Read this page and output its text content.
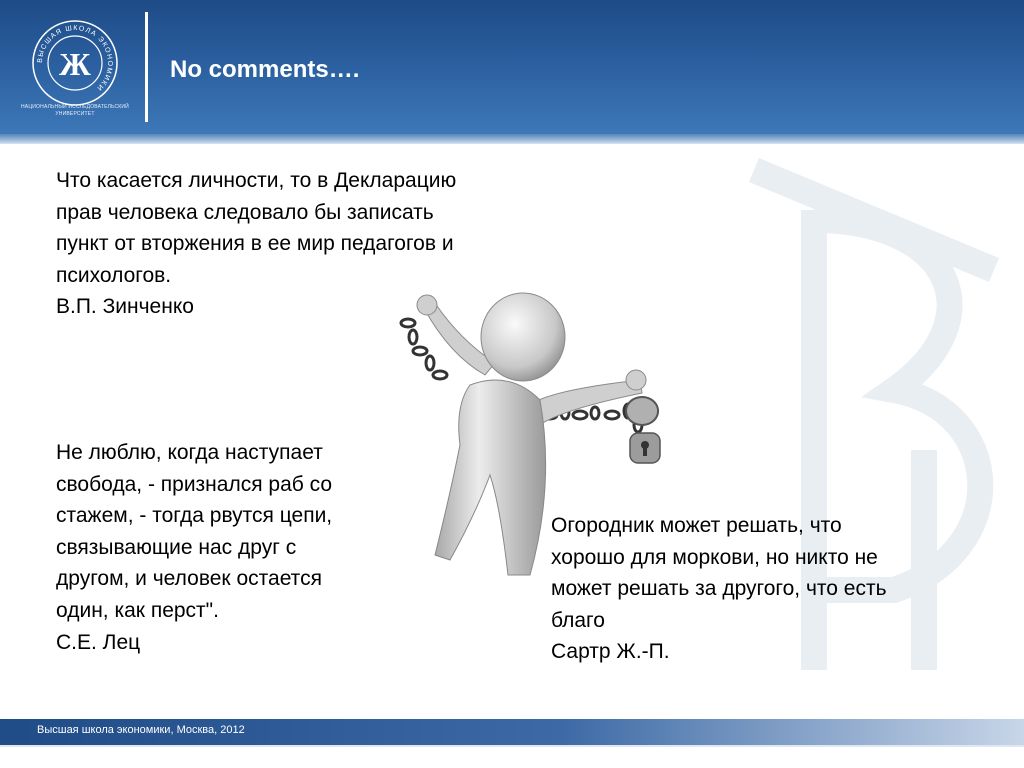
ВЫСШАЯ ШКОЛА ЭКОНОМИКИ
Ж
НАЦИОНАЛЬНЫЙ ИССЛЕДОВАТЕЛЬСКИЙ УНИВЕРСИТЕТ
No comments….
Что касается личности, то в Декларацию
прав человека следовало бы записать
пункт от вторжения в ее мир педагогов и
психологов.
В.П. Зинченко
Не люблю, когда наступает
свобода, - признался раб со
стажем, - тогда рвутся цепи,
связывающие нас друг с
другом, и человек остается
один, как перст".
С.Е. Лец
Огородник может решать, что
хорошо для моркови, но никто не
может решать за другого, что есть
благо
Сартр Ж.-П.
Высшая школа экономики, Москва, 2012
